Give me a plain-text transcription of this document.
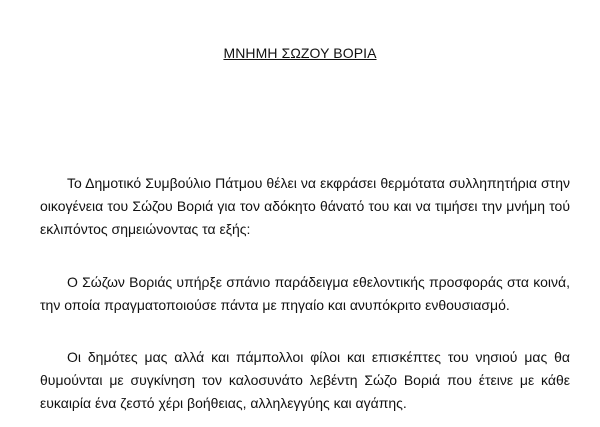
ΜΝΗΜΗ ΣΩΖΟΥ ΒΟΡΙΑ

Το Δημοτικό Συμβούλιο Πάτμου θέλει να εκφράσει θερμότατα συλληπητήρια στην οικογένεια του Σώζου Βοριά για τον αδόκητο θάνατό του και να τιμήσει την μνήμη τού εκλιπόντος σημειώνοντας τα εξής:

Ο Σώζων Βοριάς υπήρξε σπάνιο παράδειγμα εθελοντικής προσφοράς στα κοινά, την οποία πραγματοποιούσε πάντα με πηγαίο και ανυπόκριτο ενθουσιασμό.

Οι δημότες μας αλλά και πάμπολλοι φίλοι και επισκέπτες του νησιού μας θα θυμούνται με συγκίνηση τον καλοσυνάτο λεβέντη Σώζο Βοριά που έτεινε με κάθε ευκαιρία ένα ζεστό χέρι βοήθειας, αλληλεγγύης και αγάπης.
